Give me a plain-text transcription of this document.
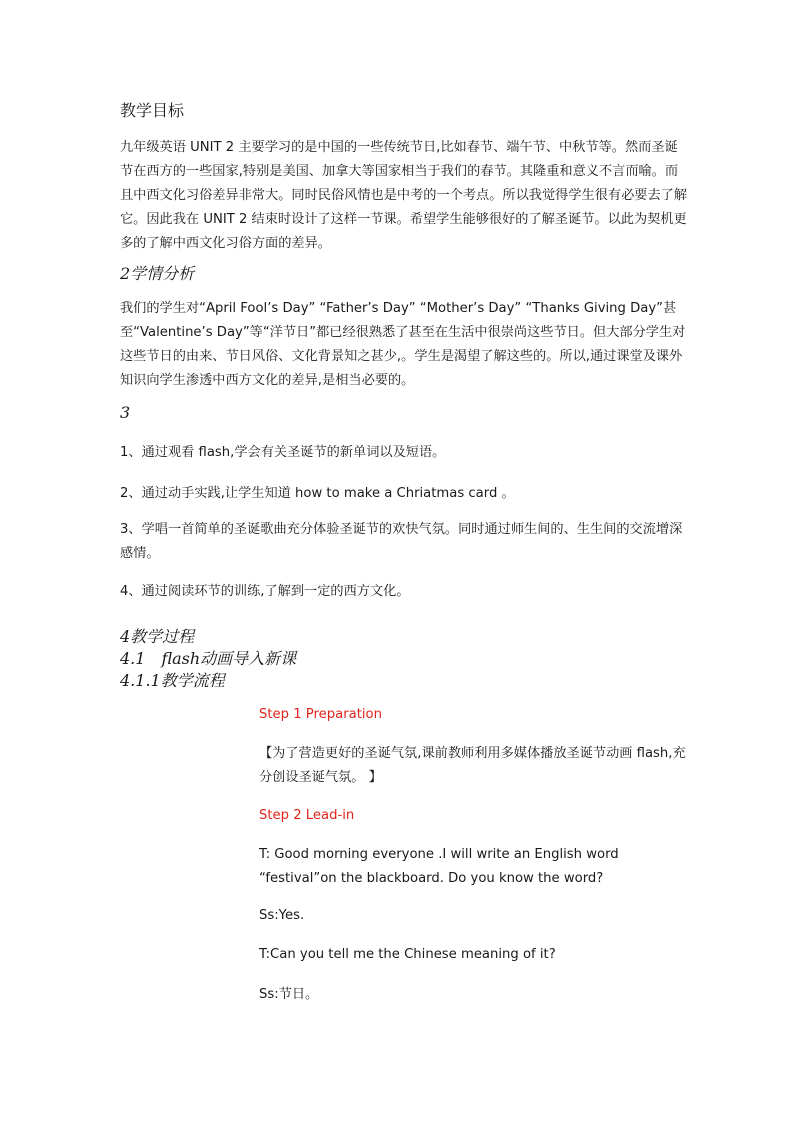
教学目标

九年级英语 UNIT 2 主要学习的是中国的一些传统节日,比如春节、端午节、中秋节等。然而圣诞节在西方的一些国家,特别是美国、加拿大等国家相当于我们的春节。其隆重和意义不言而喻。而且中西文化习俗差异非常大。同时民俗风情也是中考的一个考点。所以我觉得学生很有必要去了解它。因此我在 UNIT 2 结束时设计了这样一节课。希望学生能够很好的了解圣诞节。以此为契机更多的了解中西文化习俗方面的差异。

2学情分析

我们的学生对“April Fool’s Day” “Father’s Day” “Mother’s Day” “Thanks Giving Day”甚至“Valentine’s Day”等“洋节日”都已经很熟悉了甚至在生活中很崇尚这些节日。但大部分学生对这些节日的由来、节日风俗、文化背景知之甚少,。学生是渴望了解这些的。所以,通过课堂及课外知识向学生渗透中西方文化的差异,是相当必要的。

3

1、通过观看 flash,学会有关圣诞节的新单词以及短语。

2、通过动手实践,让学生知道 how to make a Chriatmas card 。

3、学唱一首简单的圣诞歌曲充分体验圣诞节的欢快气氛。同时通过师生间的、生生间的交流增深感情。

4、通过阅读环节的训练,了解到一定的西方文化。

4教学过程
4.1　flash动画导入新课
4.1.1教学流程

Step 1 Preparation

【为了营造更好的圣诞气氛,课前教师利用多媒体播放圣诞节动画 flash,充分创设圣诞气氛。 】

Step 2 Lead-in

T: Good morning everyone .I will write an English word “festival”on the blackboard. Do you know the word?

Ss:Yes.

T:Can you tell me the Chinese meaning of it?

Ss:节日。
